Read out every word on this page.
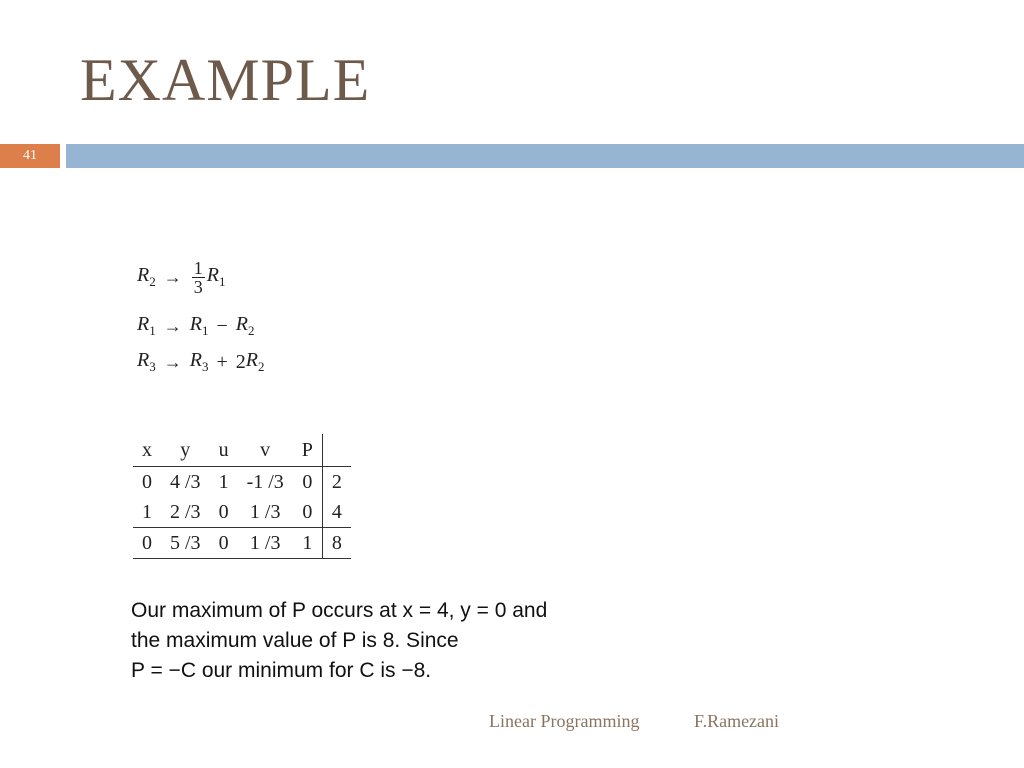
EXAMPLE
41
$R_2 \to \frac{1}{3} R_1$
$R_1 \to R_1 - R_2$
$R_3 \to R_3 + 2$ $R_2$
x	y	u	v	P	
0	4 /3	1	-1 /3	0	2
1	2 /3	0	1 /3	0	4
0	5 /3	0	1 /3	1	8
Our maximum of P occurs at x = 4, y = 0 and
the maximum value of P is 8. Since
P = −C our minimum for C is −8.
Linear Programming	F.Ramezani
